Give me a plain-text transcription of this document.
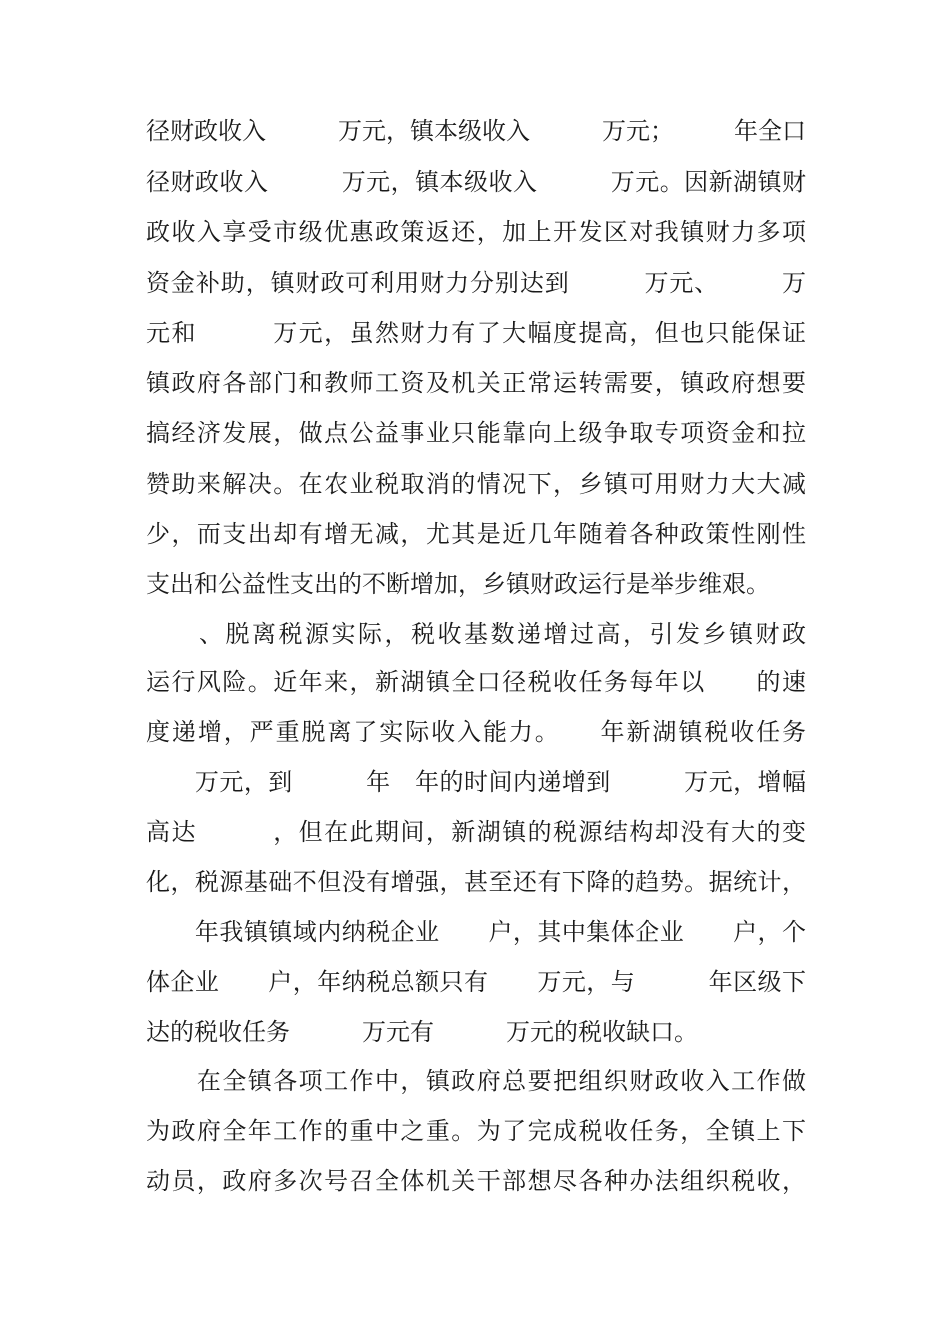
径财政收入　　　万元，镇本级收入　　　万元；　　　年全口
径财政收入　　　万元，镇本级收入　　　万元。因新湖镇财
政收入享受市级优惠政策返还，加上开发区对我镇财力多项
资金补助，镇财政可利用财力分别达到　　　万元、　　　万
元和　　　万元，虽然财力有了大幅度提高，但也只能保证
镇政府各部门和教师工资及机关正常运转需要，镇政府想要
搞经济发展，做点公益事业只能靠向上级争取专项资金和拉
赞助来解决。在农业税取消的情况下，乡镇可用财力大大减
少，而支出却有增无减，尤其是近几年随着各种政策性刚性
支出和公益性支出的不断增加，乡镇财政运行是举步维艰。
　　、脱离税源实际，税收基数递增过高，引发乡镇财政
运行风险。近年来，新湖镇全口径税收任务每年以　　的速
度递增，严重脱离了实际收入能力。　　年新湖镇税收任务
　　万元，到　　　年　年的时间内递增到　　　万元，增幅
高达　　　，但在此期间，新湖镇的税源结构却没有大的变
化，税源基础不但没有增强，甚至还有下降的趋势。据统计，
　　年我镇镇域内纳税企业　　户，其中集体企业　　户，个
体企业　　户，年纳税总额只有　　万元，与　　　年区级下
达的税收任务　　　万元有　　　万元的税收缺口。
　　在全镇各项工作中，镇政府总要把组织财政收入工作做
为政府全年工作的重中之重。为了完成税收任务，全镇上下
动员，政府多次号召全体机关干部想尽各种办法组织税收，
